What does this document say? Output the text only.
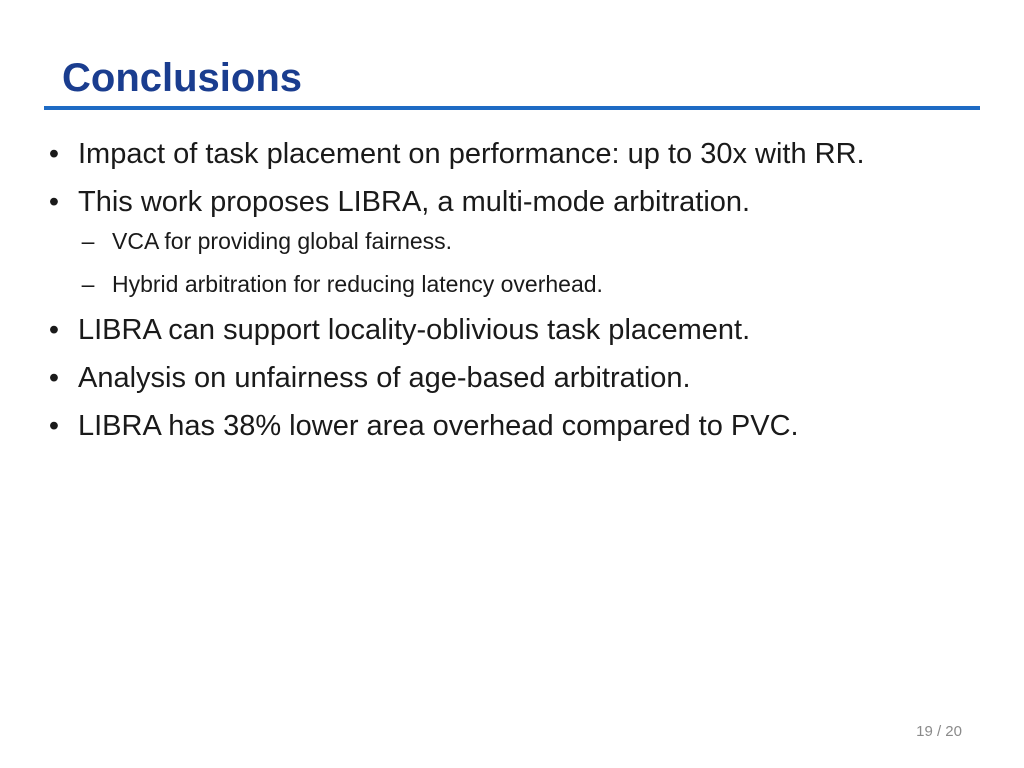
Conclusions
• Impact of task placement on performance: up to 30x with RR.
• This work proposes LIBRA, a multi-mode arbitration.
– VCA for providing global fairness.
– Hybrid arbitration for reducing latency overhead.
• LIBRA can support locality-oblivious task placement.
• Analysis on unfairness of age-based arbitration.
• LIBRA has 38% lower area overhead compared to PVC.
19 / 20
